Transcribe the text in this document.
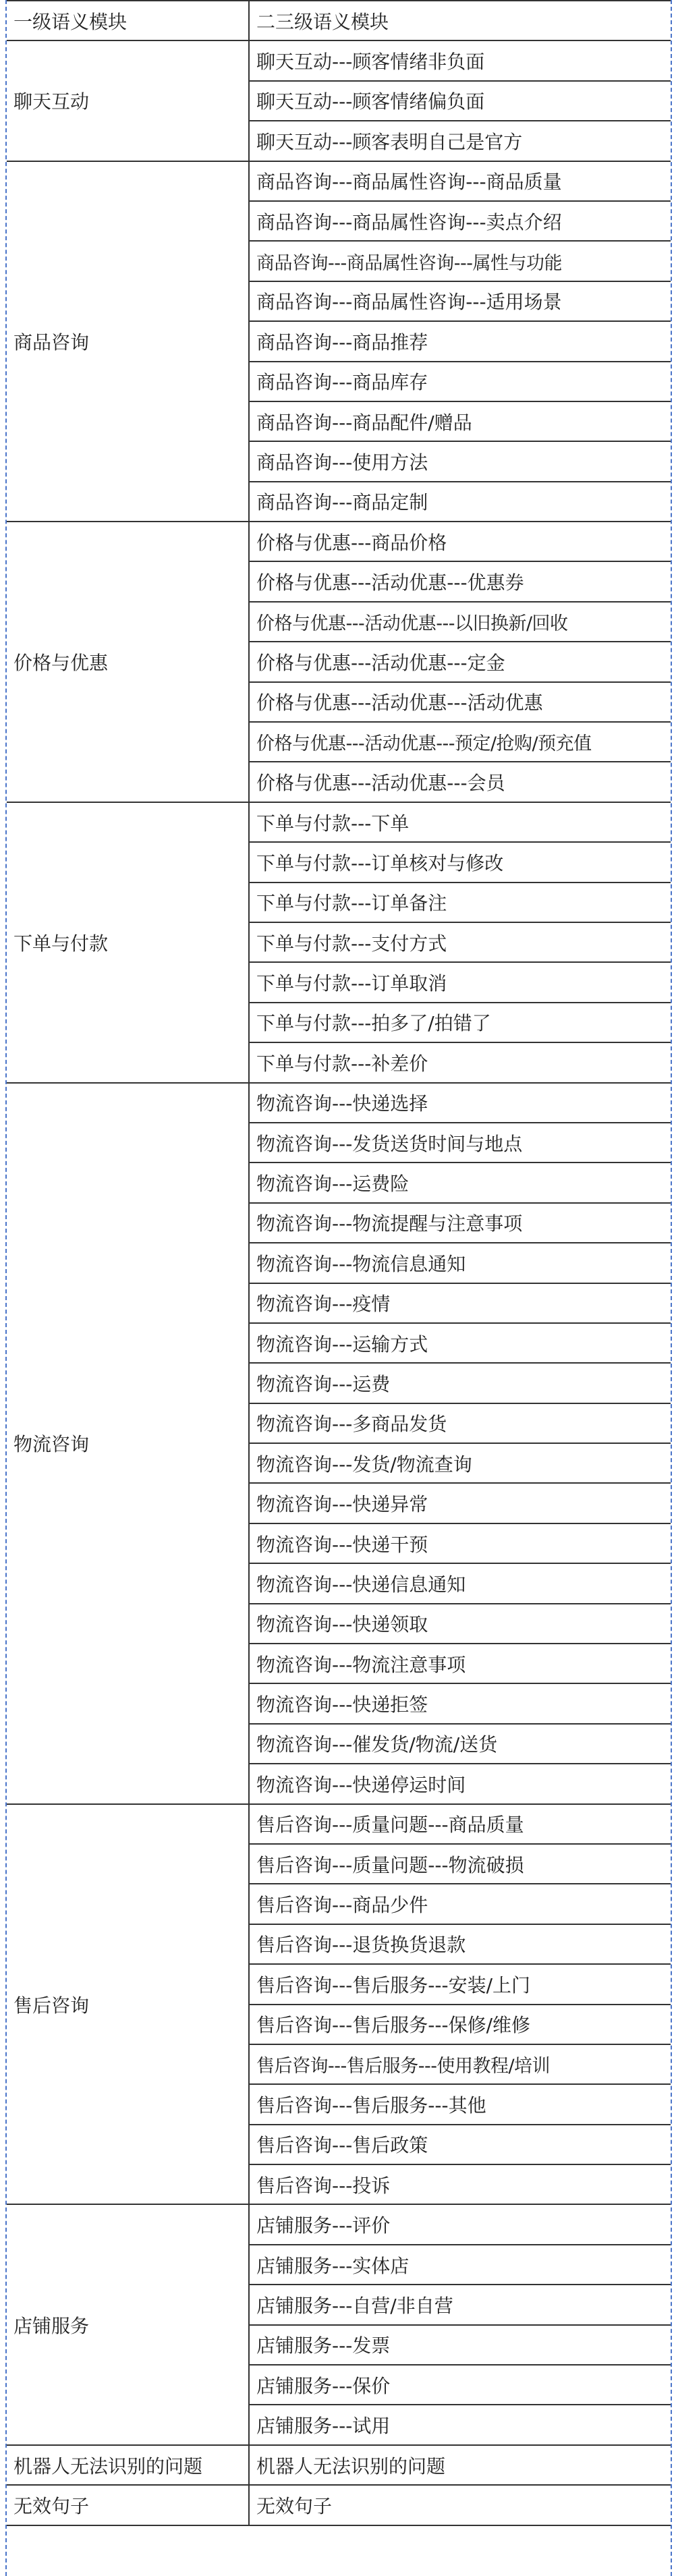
一级语义模块	二三级语义模块
聊天互动	聊天互动---顾客情绪非负面
	聊天互动---顾客情绪偏负面
	聊天互动---顾客表明自己是官方
商品咨询	商品咨询---商品属性咨询---商品质量
	商品咨询---商品属性咨询---卖点介绍
	商品咨询---商品属性咨询---属性与功能
	商品咨询---商品属性咨询---适用场景
	商品咨询---商品推荐
	商品咨询---商品库存
	商品咨询---商品配件/赠品
	商品咨询---使用方法
	商品咨询---商品定制
价格与优惠	价格与优惠---商品价格
	价格与优惠---活动优惠---优惠券
	价格与优惠---活动优惠---以旧换新/回收
	价格与优惠---活动优惠---定金
	价格与优惠---活动优惠---活动优惠
	价格与优惠---活动优惠---预定/抢购/预充值
	价格与优惠---活动优惠---会员
下单与付款	下单与付款---下单
	下单与付款---订单核对与修改
	下单与付款---订单备注
	下单与付款---支付方式
	下单与付款---订单取消
	下单与付款---拍多了/拍错了
	下单与付款---补差价
物流咨询	物流咨询---快递选择
	物流咨询---发货送货时间与地点
	物流咨询---运费险
	物流咨询---物流提醒与注意事项
	物流咨询---物流信息通知
	物流咨询---疫情
	物流咨询---运输方式
	物流咨询---运费
	物流咨询---多商品发货
	物流咨询---发货/物流查询
	物流咨询---快递异常
	物流咨询---快递干预
	物流咨询---快递信息通知
	物流咨询---快递领取
	物流咨询---物流注意事项
	物流咨询---快递拒签
	物流咨询---催发货/物流/送货
	物流咨询---快递停运时间
售后咨询	售后咨询---质量问题---商品质量
	售后咨询---质量问题---物流破损
	售后咨询---商品少件
	售后咨询---退货换货退款
	售后咨询---售后服务---安装/上门
	售后咨询---售后服务---保修/维修
	售后咨询---售后服务---使用教程/培训
	售后咨询---售后服务---其他
	售后咨询---售后政策
	售后咨询---投诉
店铺服务	店铺服务---评价
	店铺服务---实体店
	店铺服务---自营/非自营
	店铺服务---发票
	店铺服务---保价
	店铺服务---试用
机器人无法识别的问题	机器人无法识别的问题
无效句子	无效句子
